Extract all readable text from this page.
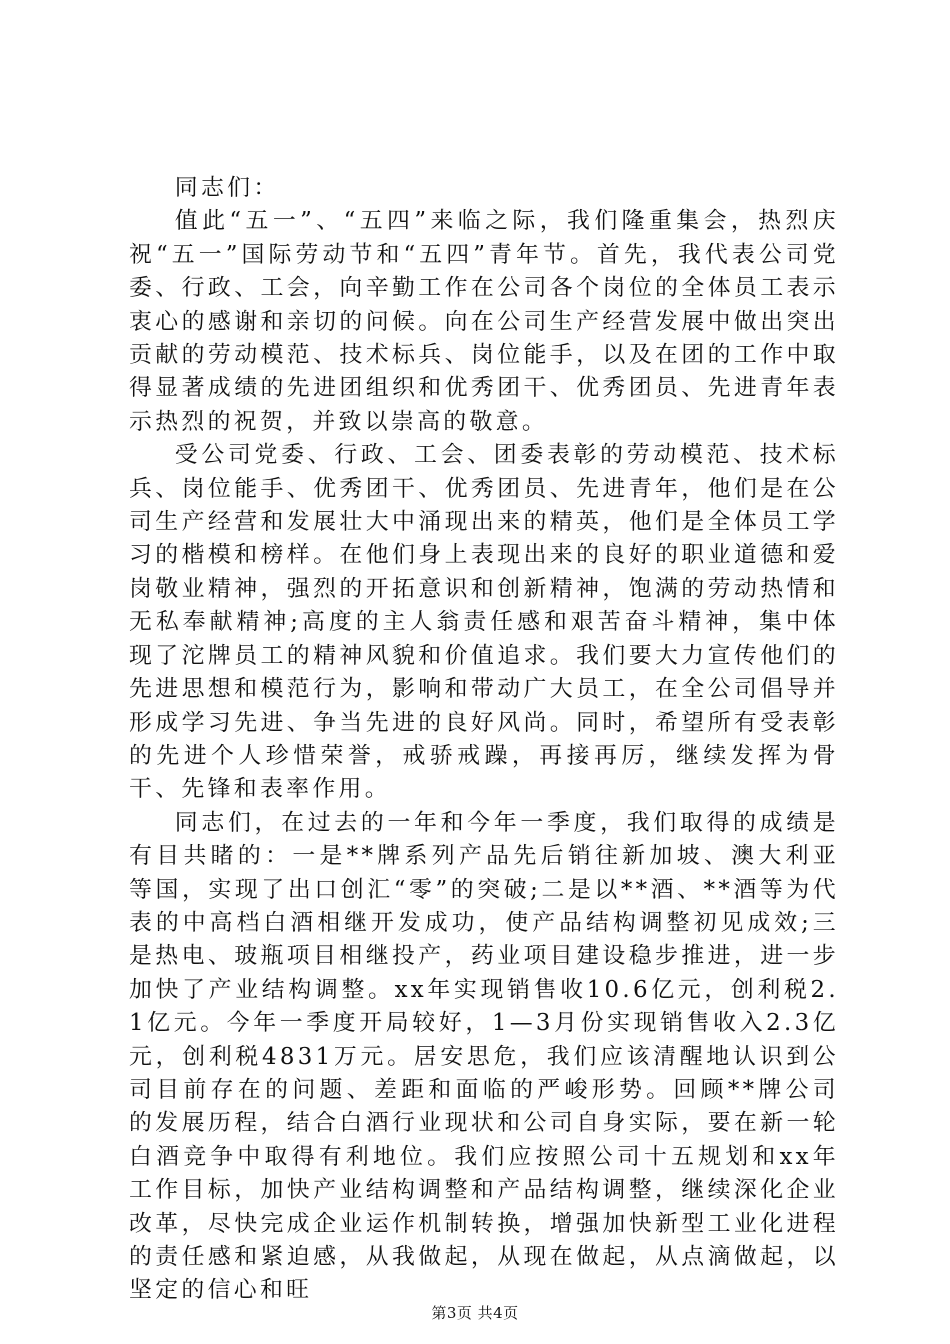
同志们：

值此“五一”、“五四”来临之际，我们隆重集会，热烈庆祝“五一”国际劳动节和“五四”青年节。首先，我代表公司党委、行政、工会，向辛勤工作在公司各个岗位的全体员工表示衷心的感谢和亲切的问候。向在公司生产经营发展中做出突出贡献的劳动模范、技术标兵、岗位能手，以及在团的工作中取得显著成绩的先进团组织和优秀团干、优秀团员、先进青年表示热烈的祝贺，并致以崇高的敬意。

受公司党委、行政、工会、团委表彰的劳动模范、技术标兵、岗位能手、优秀团干、优秀团员、先进青年，他们是在公司生产经营和发展壮大中涌现出来的精英，他们是全体员工学习的楷模和榜样。在他们身上表现出来的良好的职业道德和爱岗敬业精神，强烈的开拓意识和创新精神，饱满的劳动热情和无私奉献精神;高度的主人翁责任感和艰苦奋斗精神，集中体现了沱牌员工的精神风貌和价值追求。我们要大力宣传他们的先进思想和模范行为，影响和带动广大员工，在全公司倡导并形成学习先进、争当先进的良好风尚。同时，希望所有受表彰的先进个人珍惜荣誉，戒骄戒躁，再接再厉，继续发挥为骨干、先锋和表率作用。

同志们，在过去的一年和今年一季度，我们取得的成绩是有目共睹的：一是**牌系列产品先后销往新加坡、澳大利亚等国，实现了出口创汇“零”的突破;二是以**酒、**酒等为代表的中高档白酒相继开发成功，使产品结构调整初见成效;三是热电、玻瓶项目相继投产，药业项目建设稳步推进，进一步加快了产业结构调整。xx年实现销售收10.6亿元，创利税2.1亿元。今年一季度开局较好，1—3月份实现销售收入2.3亿元，创利税4831万元。居安思危，我们应该清醒地认识到公司目前存在的问题、差距和面临的严峻形势。回顾**牌公司的发展历程，结合白酒行业现状和公司自身实际，要在新一轮白酒竞争中取得有利地位。我们应按照公司十五规划和xx年工作目标，加快产业结构调整和产品结构调整，继续深化企业改革，尽快完成企业运作机制转换，增强加快新型工业化进程的责任感和紧迫感，从我做起，从现在做起，从点滴做起，以坚定的信心和旺

第3页 共4页
